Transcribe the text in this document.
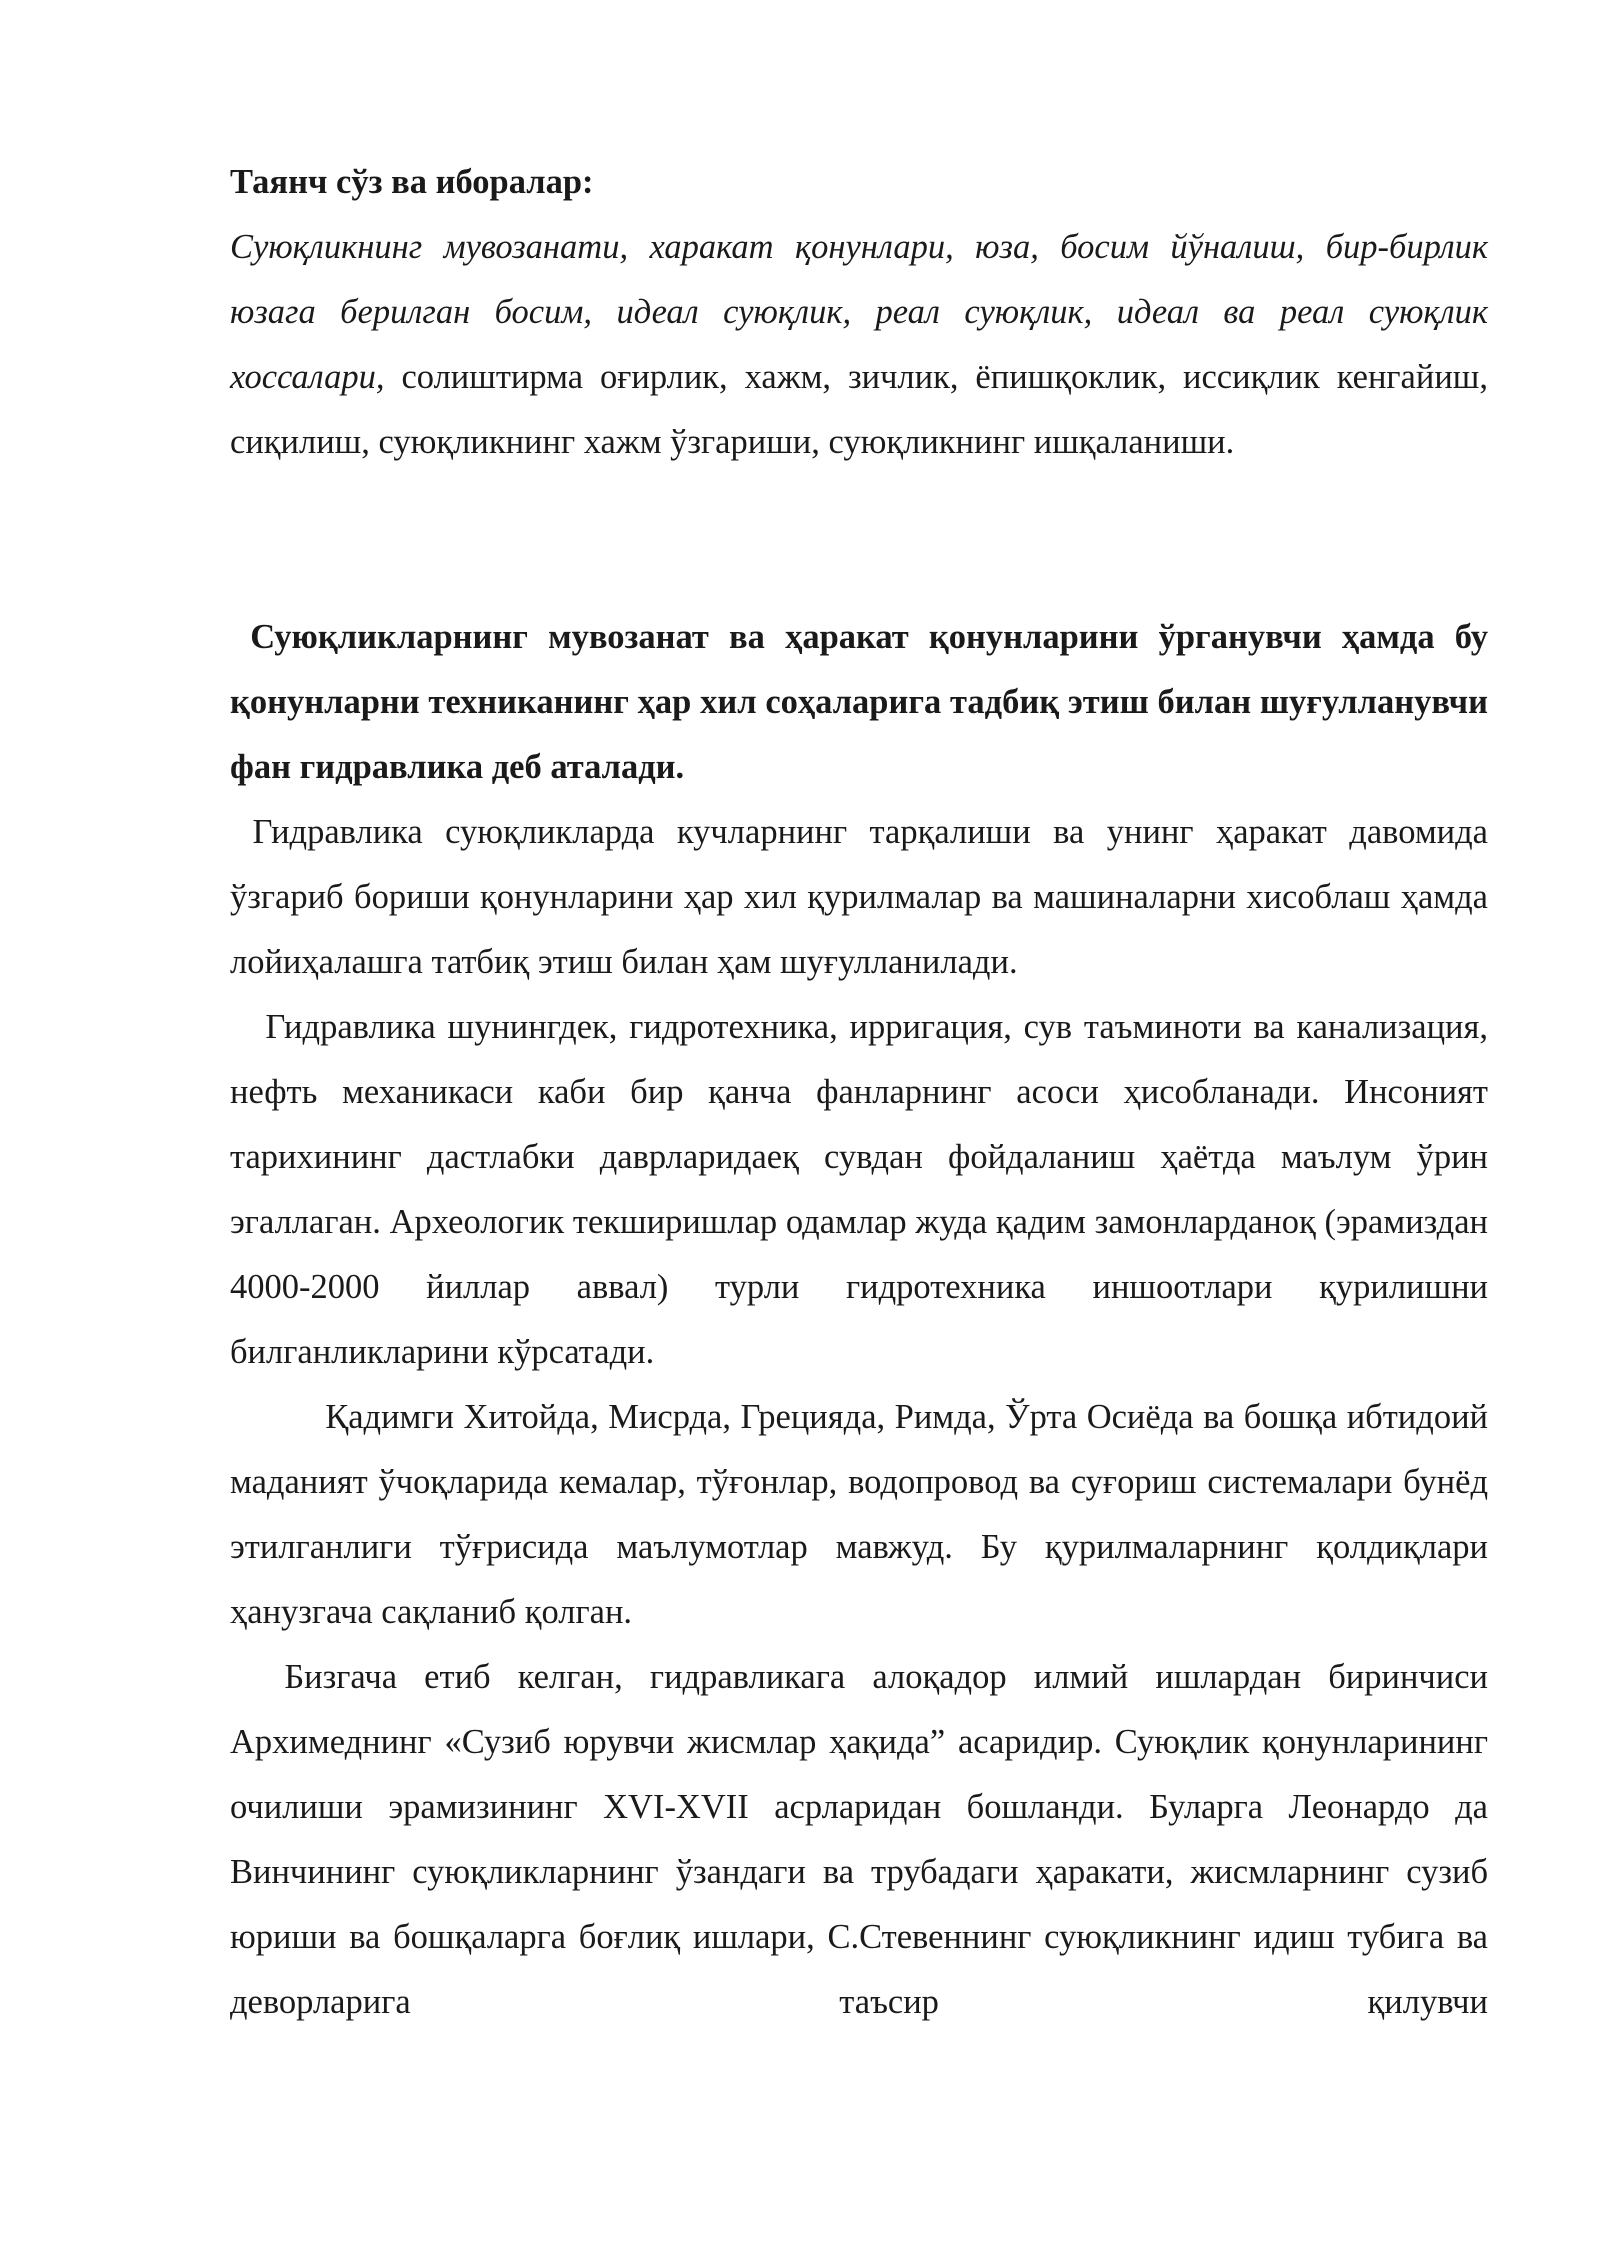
Таянч сўз ва иборалар:

Суюқликнинг мувозанати, харакат қонунлари, юза, босим йўналиш, бир-бирлик юзага берилган босим, идеал суюқлик, реал суюқлик, идеал ва реал суюқлик хоссалари, солиштирма оғирлик, хажм, зичлик, ёпишқоклик, иссиқлик кенгайиш, сиқилиш, суюқликнинг хажм ўзгариши, суюқликнинг ишқаланиши.

Суюқликларнинг мувозанат ва ҳаракат қонунларини ўрганувчи ҳамда бу қонунларни техниканинг ҳар хил соҳаларига тадбиқ этиш билан шуғулланувчи фан гидравлика деб аталади.

Гидравлика суюқликларда кучларнинг тарқалиши ва унинг ҳаракат давомида ўзгариб бориши қонунларини ҳар хил қурилмалар ва машиналарни хисоблаш ҳамда лойиҳалашга татбиқ этиш билан ҳам шуғулланилади.

Гидравлика шунингдек, гидротехника, ирригация, сув таъминоти ва канализация, нефть механикаси каби бир қанча фанларнинг асоси ҳисобланади. Инсоният тарихининг дастлабки даврларидаеқ сувдан фойдаланиш ҳаётда маълум ўрин эгаллаган. Археологик текширишлар одамлар жуда қадим замонларданоқ (эрамиздан 4000-2000 йиллар аввал) турли гидротехника иншоотлари қурилишни билганликларини кўрсатади.

Қадимги Хитойда, Мисрда, Грецияда, Римда, Ўрта Осиёда ва бошқа ибтидоий маданият ўчоқларида кемалар, тўғонлар, водопровод ва суғориш системалари бунёд этилганлиги тўғрисида маълумотлар мавжуд. Бу қурилмаларнинг қолдиқлари ҳанузгача сақланиб қолган.

Бизгача етиб келган, гидравликага алоқадор илмий ишлардан биринчиси Архимеднинг «Сузиб юрувчи жисмлар ҳақида” асаридир. Суюқлик қонунларининг очилиши эрамизининг XVI-XVII асрларидан бошланди. Буларга Леонардо да Винчининг суюқликларнинг ўзандаги ва трубадаги ҳаракати, жисмларнинг сузиб юриши ва бошқаларга боғлиқ ишлари, С.Стевеннинг суюқликнинг идиш тубига ва деворларига таъсир қилувчи
